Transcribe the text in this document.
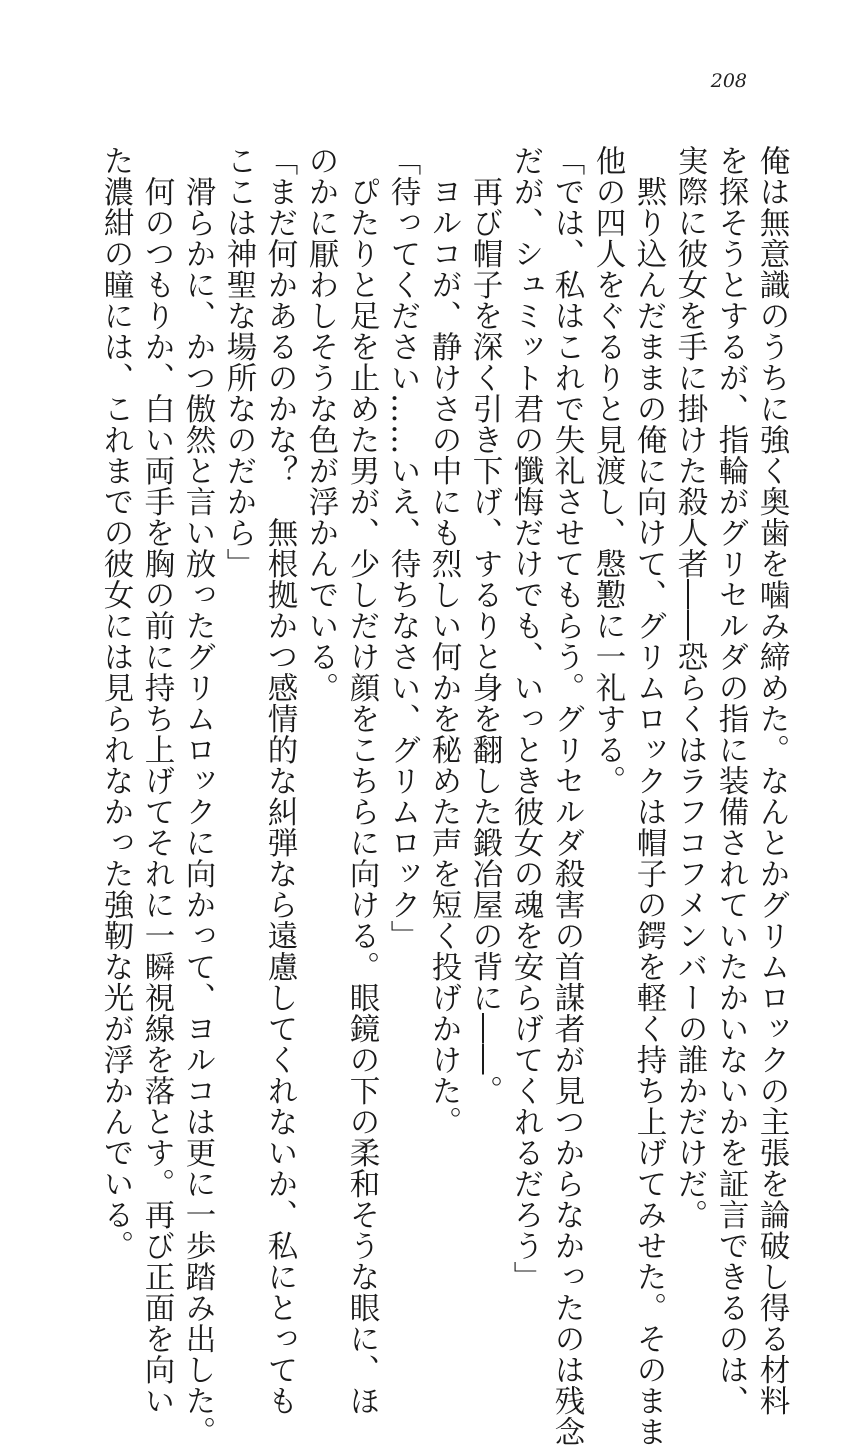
208
俺は無意識のうちに強く奥歯を噛み締めた。なんとかグリムロックの主張を論破し得る材料
を探そうとするが、指輪がグリセルダの指に装備されていたかいないかを証言できるのは、
実際に彼女を手に掛けた殺人者――恐らくはラフコフメンバーの誰かだけだ。
　黙り込んだままの俺に向けて、グリムロックは帽子の鍔を軽く持ち上げてみせた。そのまま
他の四人をぐるりと見渡し、慇懃に一礼する。
「では、私はこれで失礼させてもらう。グリセルダ殺害の首謀者が見つからなかったのは残念
だが、シュミット君の懺悔だけでも、いっとき彼女の魂を安らげてくれるだろう」
　再び帽子を深く引き下げ、するりと身を翻した鍛冶屋の背に――。
　ヨルコが、静けさの中にも烈しい何かを秘めた声を短く投げかけた。
「待ってください……いえ、待ちなさい、グリムロック」
　ぴたりと足を止めた男が、少しだけ顔をこちらに向ける。眼鏡の下の柔和そうな眼に、ほ
のかに厭わしそうな色が浮かんでいる。
「まだ何かあるのかな？　無根拠かつ感情的な糾弾なら遠慮してくれないか、私にとっても
ここは神聖な場所なのだから」
　滑らかに、かつ傲然と言い放ったグリムロックに向かって、ヨルコは更に一歩踏み出した。
　何のつもりか、白い両手を胸の前に持ち上げてそれに一瞬視線を落とす。再び正面を向い
た濃紺の瞳には、これまでの彼女には見られなかった強靭な光が浮かんでいる。
